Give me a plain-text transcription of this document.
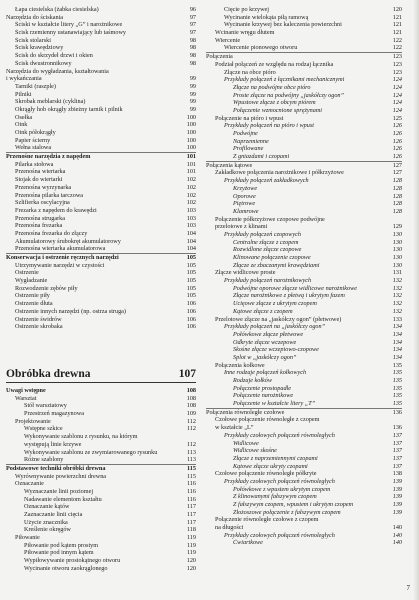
Łapa ciesielska (żabka ciesielska)	96
Narzędzia do ściskania	97
Ściski w kształcie litery „G” i narożnikowe	97
Ścisk rzemienny ustanawiający lub taśmowy	97
Ścisk stolarski	98
Ścisk krawędziowy	98
Ścisk do skrzydeł drzwi i okien	98
Ścisk dwustronnikowy	98
Narzędzia do wygładzania, kształtowania
i wykańczania	99
Tarniki (raszple)	99
Pilniki	99
Skrobak meblarski (cyklina)	99
Okrągły hob okrągły zbieżny tarnik i pilnik	99
Osełka	100
Oink	100
Oink półokrągły	100
Papier ścierny	100
Wełna stalowa	100
Przenośne narzędzia z napędem	101
Pilarka stołowa	101
Przenośna wiertarka	101
Stojak do wiertarki	102
Przenośna wyrzynarka	102
Przenośna pilarka tarczowa	102
Szlifierka oscylacyjna	102
Frezarka z napędem do krawędzi	103
Przenośna strugarka	103
Przenośna frezarka	103
Przenośna frezarka do złączy	104
Akumulatorowy śrubokręt akumulatorowy	104
Przenośna wiertarka akumulatorowa	104
Konserwacja i ostrzenie ręcznych narzędzi	105
Utrzymywanie narzędzi w czystości	105
Ostrzenie	105
Wygładzanie	105
Rozwodzenie zębów piły	105
Ostrzenie piły	105
Ostrzenie dłuta	106
Ostrzenie innych narzędzi (np. ostrza struga)	106
Ostrzenie świdrów	106
Ostrzenie skrobaka	106
Obróbka drewna	107
Uwagi wstępne	108
Warsztat	108
Stół warsztatowy	108
Przestrzeń magazynowa	109
Projektowanie	112
Wstępne szkice	112
Wykonywanie szablonu z rysunku, na którym
występują linie krzywe	112
Wykonywanie szablonu ze zwymiarowanego rysunku	113
Różne szablony	113
Podstawowe techniki obróbki drewna	115
Wyrównywanie powierzchni drewna	115
Oznaczanie	116
Wyznaczanie linii poziomej	116
Nadawanie elementom kształtu	116
Oznaczanie kątów	117
Zaznaczanie linii cięcia	117
Użycie znacznika	117
Kreślenie okręgów	118
Piłowanie	119
Piłowanie pod kątem prostym	119
Piłowanie pod innym kątem	119
Wypiłowywanie prostokątnego otworu	120
Wycinanie otworu zaokrąglonego	120
Cięcie po krzywej	120
Wycinanie wielokąta piłą ramową	121
Wycinanie krzywej bez kaleczenia powierzchni	121
Wcinanie wręgu dłutem	121
Wiercenie	122
Wiercenie pionowego otworu	122
Połączenia	123
Podział połączeń ze względu na rodzaj łącznika	123
Złącze na obce pióro	123
Przykłady połączeń z łącznikami mechanicznymi	124
Złącze na podwójne obce pióro	124
Proste złącze na podwójny „jaskółczy ogon”	124
Wpustowe złącze z obcym piórem	124
Połączenie wzmocnione sprężynami	124
Połączenie na pióro i wpust	125
Przykłady połączeń na pióro i wpust	126
Podwójne	126
Naprzemienne	126
Profilowane	126
Z gniazdami i czopami	126
Połączenia kątowe	127
Zakładkowe połączenia narożnikowe i półkrzyżowe	127
Przykłady połączeń zakładkowych	128
Krzyżowe	128
Oporowe	128
Piętrowe	128
Klamrowe	128
Połączenie półkrzyżowe czopowe podwójne
przelotowe z klinami	129
Przykłady połączeń czopowych	130
Centralne złącze z czopem	130
Rozwidlone złącze czopowe	130
Klinowane połączenie czopowe	130
Złącze ze zbaczanymi krawędziami	130
Złącze widlicowe proste	131
Przykłady połączeń narożnikowych	132
Podwójne oporowe złącze widlicowe narożnikowe	132
Złącze narożnikowe z płetwą i ukrytym fazem	132
Ucięowe złącze z ukrytym czopem	132
Kątowe złącze z czopem	132
Przelotowe złącze na „jaskółczy ogon” (płetwowe)	133
Przykłady połączeń na „jaskółczy ogon”	134
Połówkowe złącze płetwowe	134
Odkryte złącze wczepowe	134
Skośne złącze wczepiowo-czopowe	134
Splot w „jaskółczy ogon”	134
Połączenia kołkowe	135
Inne rodzaje połączeń kołkowych	135
Rodzaje kołków	135
Połączenie prostopadłe	135
Połączenie narożnikowe	135
Połączenie w kształcie litery „T”	135
Połączenia równoległe czołowe	136
Czołowe połączenie równoległe z czopem
w kształcie „L”	136
Przykłady czołowych połączeń równoległych	137
Widlicowe	137
Widlicowe skośne	137
Złącze z naprzemiennymi czopami	137
Kątowe złącze ukryty czopami	137
Czołowe połączenie równoległe półkryte	138
Przykłady czołowych połączeń równoległych	139
Połówkowe z wpustem ukrytym czopem	139
Z klinowanymi fałszywym czopem	139
Z fałszywym czopem, wpustem i ukrytym czopem	139
Złożoszowe połączenie z fałszywym czopem	139
Połączenie równoległe czołowe z czopem
na długości	140
Przykłady czołowych połączeń równoległych	140
Ćwiartkowe	140
7
